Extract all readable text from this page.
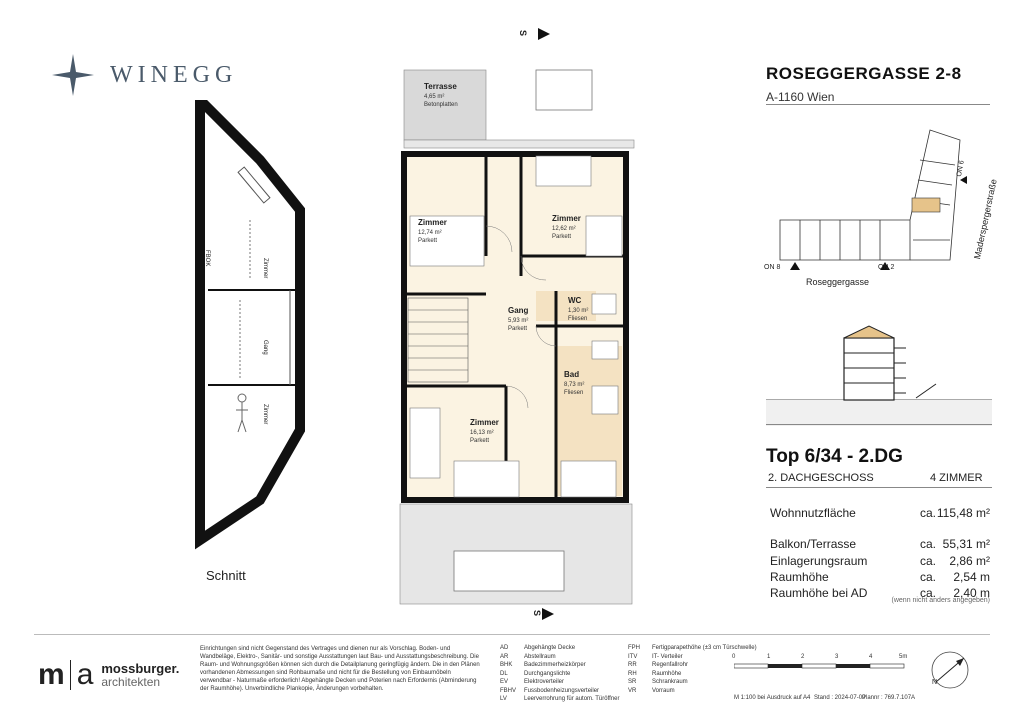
WINEGG	ROSEGGERGASSE 2-8
A-1160 Wien
ON 8	ON 2
ON 6
Roseggergasse
Maderspergerstraße
Top 6/34 - 2.DG
2. DACHGESCHOSS	4 ZIMMER
Wohnnutzfläche	ca. 115,48 m²
Balkon/Terrasse	ca. 55,31 m²
Einlagerungsraum	ca. 2,86 m²
Raumhöhe	ca. 2,54 m
Raumhöhe bei AD	ca. 2,40 m
(wenn nicht anders angegeben)
FBOK	Zimmer
Gang
Zimmer
Schnitt
S
S
Terrasse
4,65 m²
Betonplatten
Zimmer
12,74 m²
Parkett
Zimmer
12,62 m²
Parkett
Gang
5,93 m²
Parkett
WC
1,30 m²
Fliesen
Bad
8,73 m²
Fliesen
Zimmer
16,13 m²
Parkett
m a mossburger.
architekten
Einrichtungen sind nicht Gegenstand des Vertrages und dienen nur als Vorschlag. Boden- und Wandbeläge, Elektro-, Sanitär- und sonstige Ausstattungen laut Bau- und Ausstattungsbeschreibung. Die Raum- und Wohnungsgrößen können sich durch die Detailplanung geringfügig ändern. Die in den Plänen vorhandenen Abmessungen sind Rohbaumaße und nicht für die Bestellung von Einbaumöbeln verwendbar - Naturmaße erforderlich! Abgehängte Decken und Poterien nach Erfordernis (Abminderung der Raumhöhe). Unverbindliche Plankopie, Änderungen vorbehalten.
AD	Abgehängte Decke
AR	Abstellraum
BHK Badezimmerheizkörper
DL	Durchgangslichte
EV	Elektroverteiler
FBHV Fussbodenheizungsverteiler
LV	Leerverrohrung für autom. Türöffner
FPH Fertigparapethöhe (±3 cm Türschwelle)
ITV IT- Verteiler
RR	Regenfallrohr
RH	Raumhöhe
SR	Schrankraum
VR	Vorraum
0	1	2	3	4	5m
M 1:100 bei Ausdruck auf A4 Stand : 2024-07-09
Plannr : 769.7.107A
N
